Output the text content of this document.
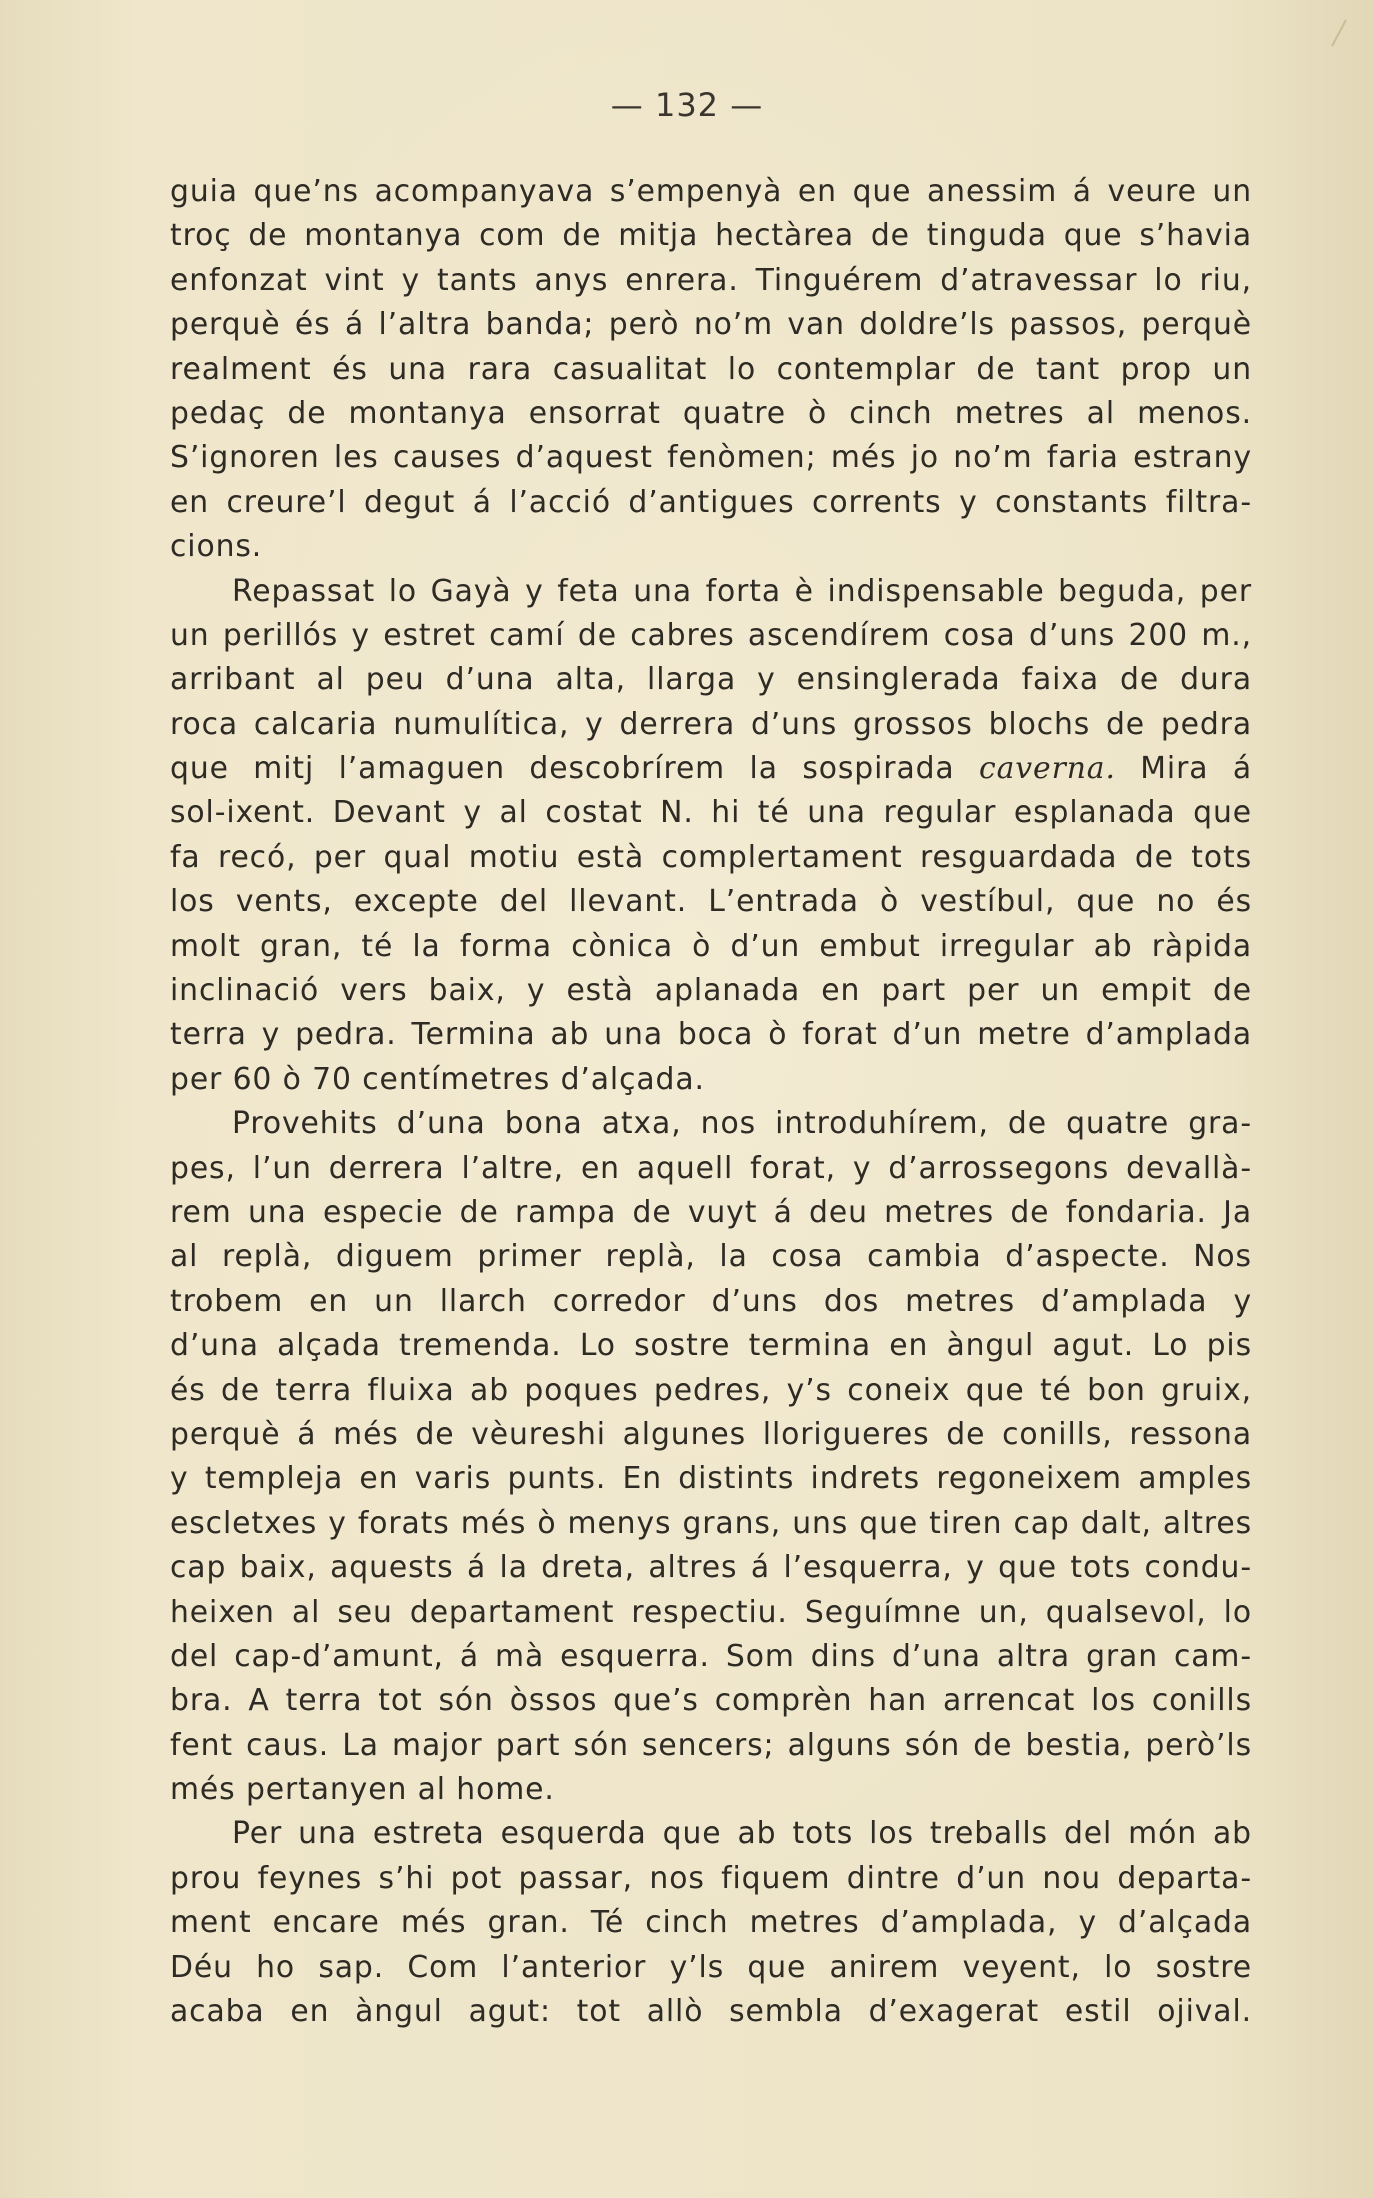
— 132 —
guia que’ns acompanyava s’empenyà en que anessim á veure un
troç de montanya com de mitja hectàrea de tinguda que s’havia
enfonzat vint y tants anys enrera. Tinguérem d’atravessar lo riu,
perquè és á l’altra banda; però no’m van doldre’ls passos, perquè
realment és una rara casualitat lo contemplar de tant prop un
pedaç de montanya ensorrat quatre ò cinch metres al menos.
S’ignoren les causes d’aquest fenòmen; més jo no’m faria estrany
en creure’l degut á l’acció d’antigues corrents y constants filtra-
cions.
Repassat lo Gayà y feta una forta è indispensable beguda, per
un perillós y estret camí de cabres ascendírem cosa d’uns 200 m.,
arribant al peu d’una alta, llarga y ensinglerada faixa de dura
roca calcaria numulítica, y derrera d’uns grossos blochs de pedra
que mitj l’amaguen descobrírem la sospirada caverna. Mira á
sol-ixent. Devant y al costat N. hi té una regular esplanada que
fa recó, per qual motiu està complertament resguardada de tots
los vents, excepte del llevant. L’entrada ò vestíbul, que no és
molt gran, té la forma cònica ò d’un embut irregular ab ràpida
inclinació vers baix, y està aplanada en part per un empit de
terra y pedra. Termina ab una boca ò forat d’un metre d’amplada
per 60 ò 70 centímetres d’alçada.
Provehits d’una bona atxa, nos introduhírem, de quatre gra-
pes, l’un derrera l’altre, en aquell forat, y d’arrossegons devallà-
rem una especie de rampa de vuyt á deu metres de fondaria. Ja
al replà, diguem primer replà, la cosa cambia d’aspecte. Nos
trobem en un llarch corredor d’uns dos metres d’amplada y
d’una alçada tremenda. Lo sostre termina en àngul agut. Lo pis
és de terra fluixa ab poques pedres, y’s coneix que té bon gruix,
perquè á més de vèureshi algunes llorigueres de conills, ressona
y templeja en varis punts. En distints indrets regoneixem amples
escletxes y forats més ò menys grans, uns que tiren cap dalt, altres
cap baix, aquests á la dreta, altres á l’esquerra, y que tots condu-
heixen al seu departament respectiu. Seguímne un, qualsevol, lo
del cap-d’amunt, á mà esquerra. Som dins d’una altra gran cam-
bra. A terra tot són òssos que’s comprèn han arrencat los conills
fent caus. La major part són sencers; alguns són de bestia, però’ls
més pertanyen al home.
Per una estreta esquerda que ab tots los treballs del món ab
prou feynes s’hi pot passar, nos fiquem dintre d’un nou departa-
ment encare més gran. Té cinch metres d’amplada, y d’alçada
Déu ho sap. Com l’anterior y’ls que anirem veyent, lo sostre
acaba en àngul agut: tot allò sembla d’exagerat estil ojival.
